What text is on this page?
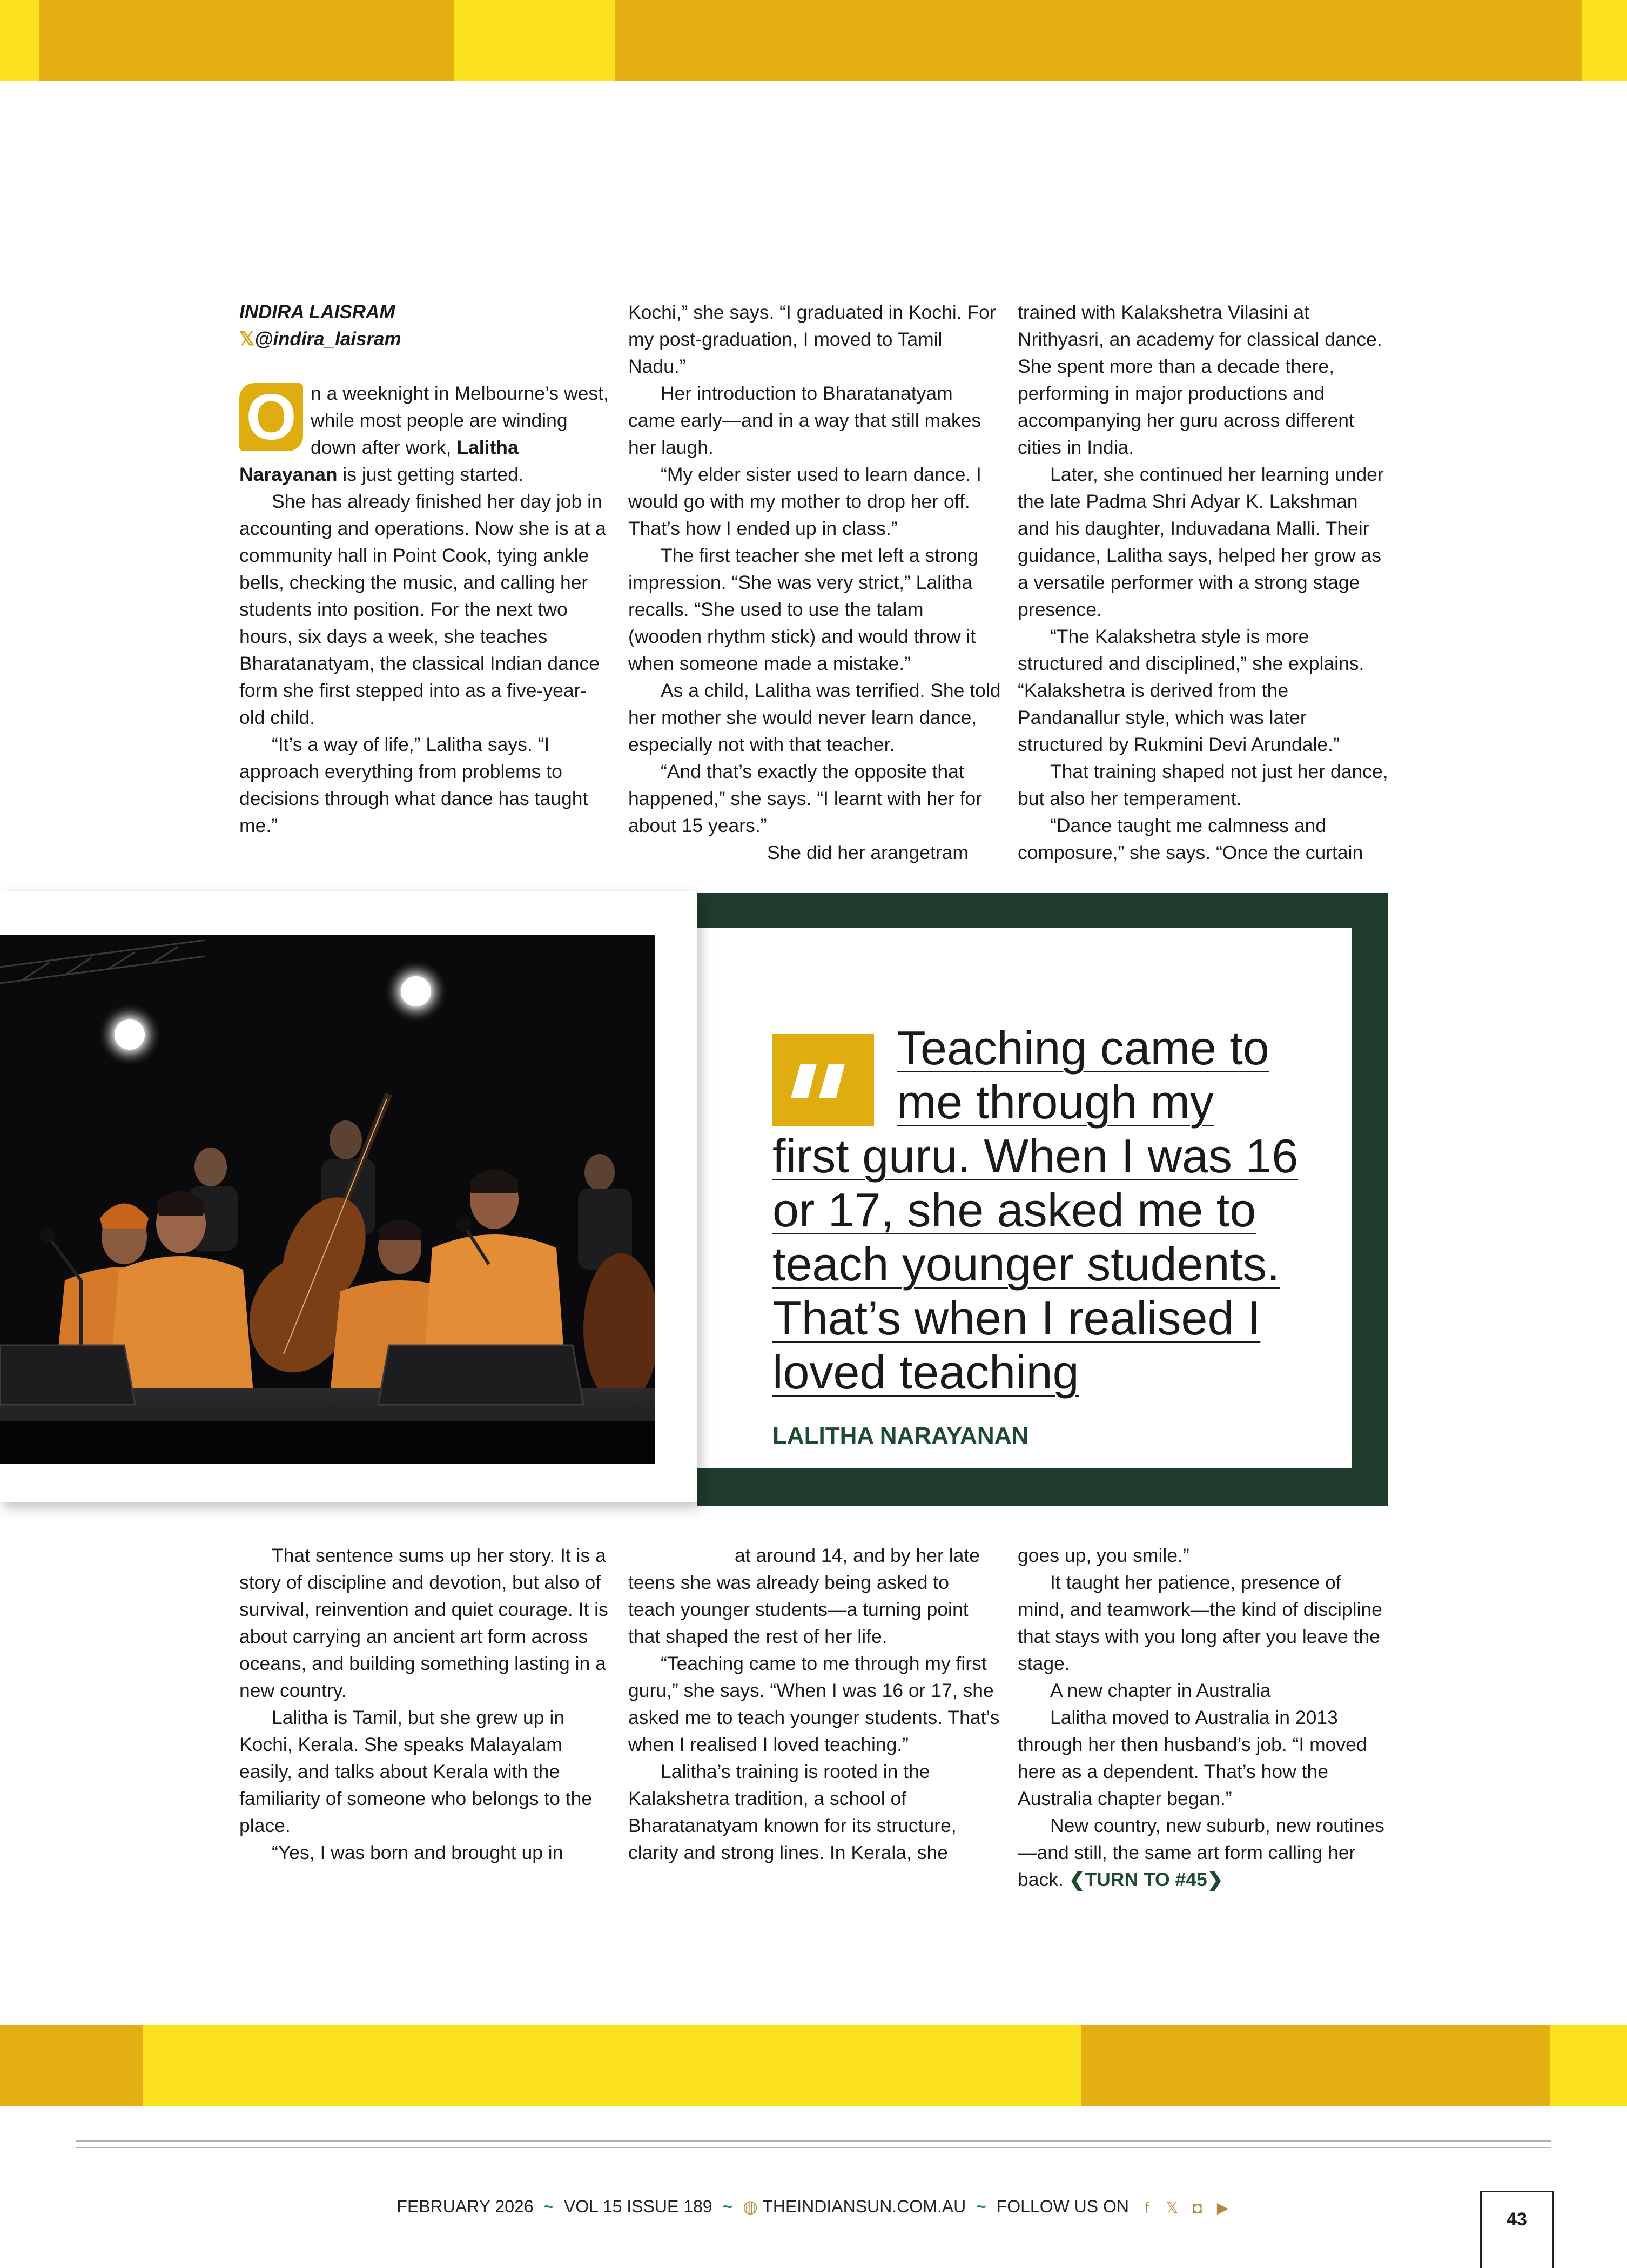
INDIRA LAISRAM
𝕏@indira_laisram

O n a weeknight in Melbourne’s west, while most people are winding down after work, Lalitha Narayanan is just getting started.

She has already finished her day job in accounting and operations. Now she is at a community hall in Point Cook, tying ankle bells, checking the music, and calling her students into position. For the next two hours, six days a week, she teaches Bharatanatyam, the classical Indian dance form she first stepped into as a five-year-old child.

“It’s a way of life,” Lalitha says. “I approach everything from problems to decisions through what dance has taught me.”

Kochi,” she says. “I graduated in Kochi. For my post-graduation, I moved to Tamil Nadu.”

Her introduction to Bharatanatyam came early—and in a way that still makes her laugh.

“My elder sister used to learn dance. I would go with my mother to drop her off. That’s how I ended up in class.”

The first teacher she met left a strong impression. “She was very strict,” Lalitha recalls. “She used to use the talam (wooden rhythm stick) and would throw it when someone made a mistake.”

As a child, Lalitha was terrified. She told her mother she would never learn dance, especially not with that teacher.

“And that’s exactly the opposite that happened,” she says. “I learnt with her for about 15 years.”

She did her arangetram

trained with Kalakshetra Vilasini at Nrithyasri, an academy for classical dance. She spent more than a decade there, performing in major productions and accompanying her guru across different cities in India.

Later, she continued her learning under the late Padma Shri Adyar K. Lakshman and his daughter, Induvadana Malli. Their guidance, Lalitha says, helped her grow as a versatile performer with a strong stage presence.

“The Kalakshetra style is more structured and disciplined,” she explains. “Kalakshetra is derived from the Pandanallur style, which was later structured by Rukmini Devi Arundale.”

That training shaped not just her dance, but also her temperament.

“Dance taught me calmness and composure,” she says. “Once the curtain

Teaching came to
me through my
first guru. When I was 16
or 17, she asked me to
teach younger students.
That’s when I realised I
loved teaching
LALITHA NARAYANAN

That sentence sums up her story. It is a story of discipline and devotion, but also of survival, reinvention and quiet courage. It is about carrying an ancient art form across oceans, and building something lasting in a new country.

Lalitha is Tamil, but she grew up in Kochi, Kerala. She speaks Malayalam easily, and talks about Kerala with the familiarity of someone who belongs to the place.

“Yes, I was born and brought up in

at around 14, and by her late teens she was already being asked to teach younger students—a turning point that shaped the rest of her life.

“Teaching came to me through my first guru,” she says. “When I was 16 or 17, she asked me to teach younger students. That’s when I realised I loved teaching.”

Lalitha’s training is rooted in the Kalakshetra tradition, a school of Bharatanatyam known for its structure, clarity and strong lines. In Kerala, she

goes up, you smile.”

It taught her patience, presence of mind, and teamwork—the kind of discipline that stays with you long after you leave the stage.

A new chapter in Australia

Lalitha moved to Australia in 2013 through her then husband’s job. “I moved here as a dependent. That’s how the Australia chapter began.”

New country, new suburb, new routines—and still, the same art form calling her back. ❮TURN TO #45❯

FEBRUARY 2026 ~ VOL 15 ISSUE 189 ~ ◍ THEINDIANSUN.COM.AU ~ FOLLOW US ON f 𝕏 ◘ ▶
43
